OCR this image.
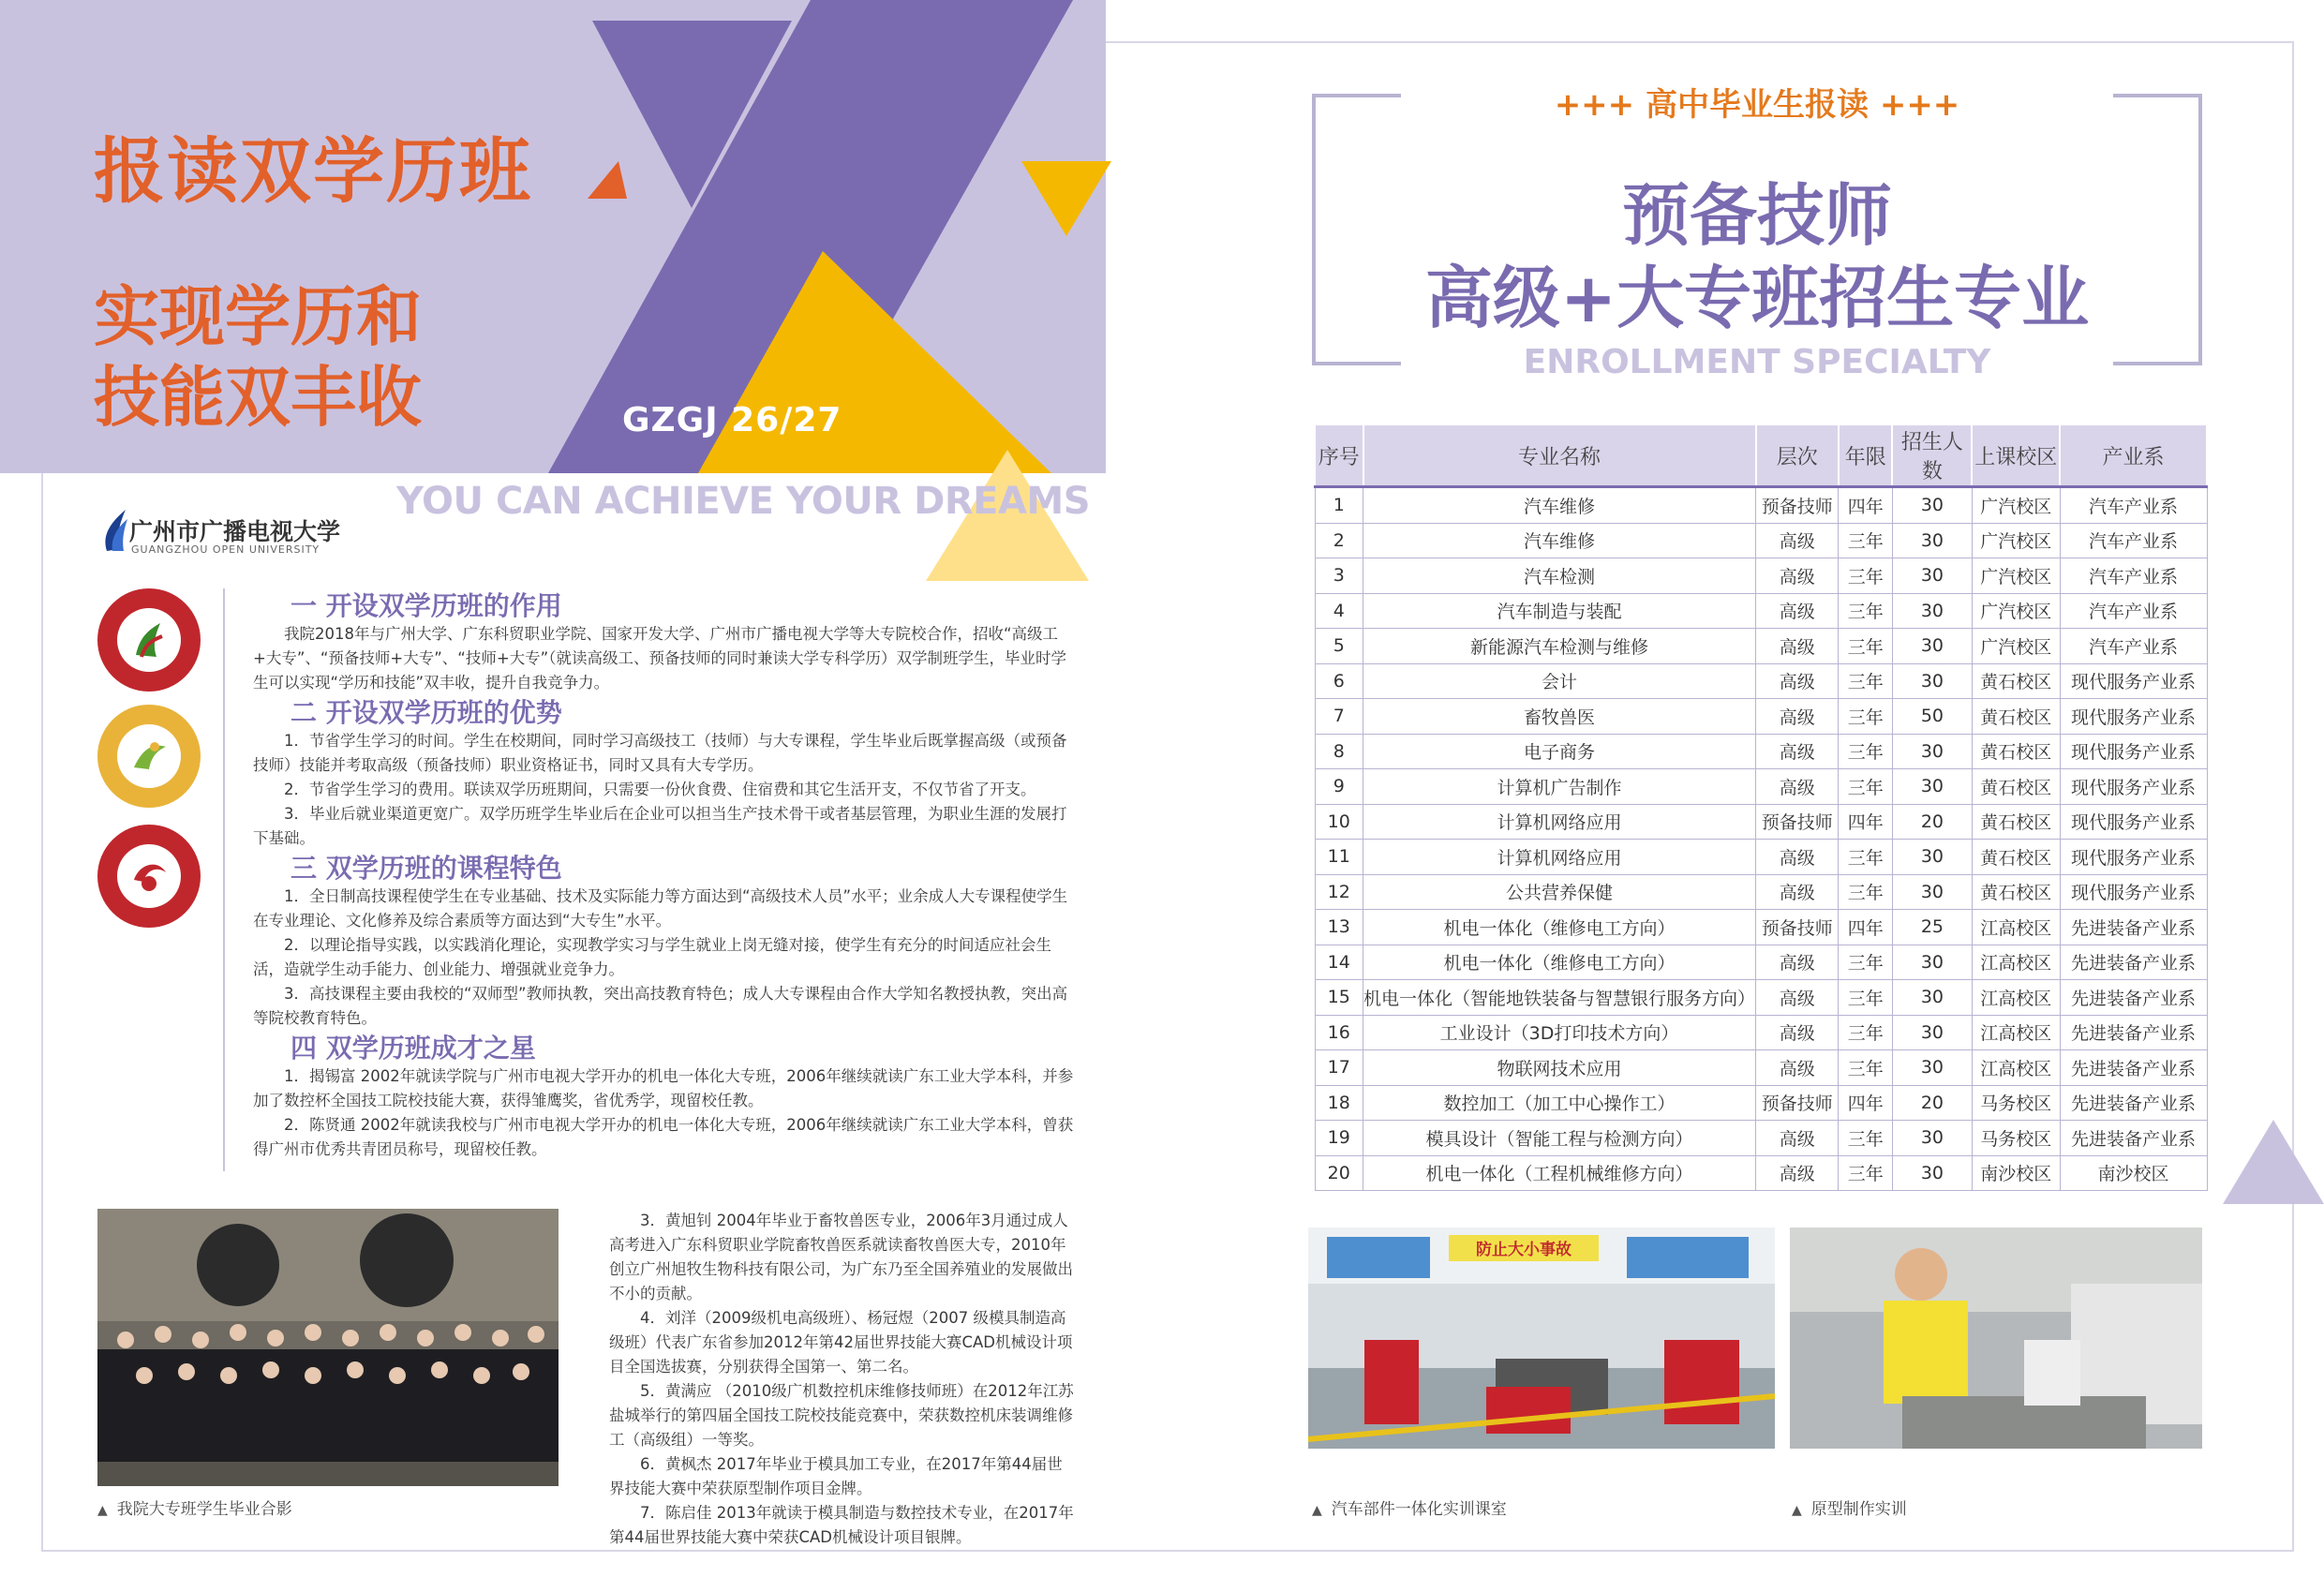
报读双学历班
实现学历和
技能双丰收	GZGJ 26/27
YOU CAN ACHIEVE YOUR DREAMS
广州市广播电视大学
GUANGZHOU OPEN UNIVERSITY
一 开设双学历班的作用

我院2018年与广州大学、广东科贸职业学院、国家开发大学、广州市广播电视大学等大专院校合作，招收“高级工+大专”、“预备技师+大专”、“技师+大专”（就读高级工、预备技师的同时兼读大学专科学历）双学制班学生，毕业时学生可以实现“学历和技能”双丰收，提升自我竞争力。

二 开设双学历班的优势

1．节省学生学习的时间。学生在校期间，同时学习高级技工（技师）与大专课程，学生毕业后既掌握高级（或预备技师）技能并考取高级（预备技师）职业资格证书，同时又具有大专学历。

2．节省学生学习的费用。联读双学历班期间，只需要一份伙食费、住宿费和其它生活开支，不仅节省了开支。

3．毕业后就业渠道更宽广。双学历班学生毕业后在企业可以担当生产技术骨干或者基层管理，为职业生涯的发展打下基础。

三 双学历班的课程特色

1．全日制高技课程使学生在专业基础、技术及实际能力等方面达到“高级技术人员”水平；业余成人大专课程使学生在专业理论、文化修养及综合素质等方面达到“大专生”水平。

2．以理论指导实践，以实践消化理论，实现教学实习与学生就业上岗无缝对接，使学生有充分的时间适应社会生活，造就学生动手能力、创业能力、增强就业竞争力。

3．高技课程主要由我校的“双师型”教师执教，突出高技教育特色；成人大专课程由合作大学知名教授执教，突出高等院校教育特色。

四 双学历班成才之星

1．揭锡富 2002年就读学院与广州市电视大学开办的机电一体化大专班，2006年继续就读广东工业大学本科，并参加了数控杯全国技工院校技能大赛，获得雏鹰奖，省优秀学，现留校任教。

2．陈贤通 2002年就读我校与广州市电视大学开办的机电一体化大专班，2006年继续就读广东工业大学本科，曾获得广州市优秀共青团员称号，现留校任教。

▲ 我院大专班学生毕业合影

3．黄旭钊 2004年毕业于畜牧兽医专业，2006年3月通过成人高考进入广东科贸职业学院畜牧兽医系就读畜牧兽医大专，2010年创立广州旭牧生物科技有限公司，为广东乃至全国养殖业的发展做出不小的贡献。

4．刘洋（2009级机电高级班）、杨冠煜（2007 级模具制造高级班）代表广东省参加2012年第42届世界技能大赛CAD机械设计项目全国选拔赛，分别获得全国第一、第二名。

5．黄满应 （2010级广机数控机床维修技师班）在2012年江苏盐城举行的第四届全国技工院校技能竞赛中，荣获数控机床装调维修工（高级组）一等奖。

6．黄枫杰 2017年毕业于模具加工专业，在2017年第44届世界技能大赛中荣获原型制作项目金牌。

7．陈启佳 2013年就读于模具制造与数控技术专业，在2017年第44届世界技能大赛中荣获CAD机械设计项目银牌。

+++ 高中毕业生报读 +++
预备技师
高级+大专班招生专业
ENROLLMENT SPECIALTY
序号	专业名称	层次	年限	招生人数	上课校区	产业系
1	汽车维修	预备技师	四年	30	广汽校区	汽车产业系
2	汽车维修	高级	三年	30	广汽校区	汽车产业系
3	汽车检测	高级	三年	30	广汽校区	汽车产业系
4	汽车制造与装配	高级	三年	30	广汽校区	汽车产业系
5	新能源汽车检测与维修	高级	三年	30	广汽校区	汽车产业系
6	会计	高级	三年	30	黄石校区	现代服务产业系
7	畜牧兽医	高级	三年	50	黄石校区	现代服务产业系
8	电子商务	高级	三年	30	黄石校区	现代服务产业系
9	计算机广告制作	高级	三年	30	黄石校区	现代服务产业系
10	计算机网络应用	预备技师	四年	20	黄石校区	现代服务产业系
11	计算机网络应用	高级	三年	30	黄石校区	现代服务产业系
12	公共营养保健	高级	三年	30	黄石校区	现代服务产业系
13	机电一体化（维修电工方向）	预备技师	四年	25	江高校区	先进装备产业系
14	机电一体化（维修电工方向）	高级	三年	30	江高校区	先进装备产业系
15	机电一体化（智能地铁装备与智慧银行服务方向）	高级	三年	30	江高校区	先进装备产业系
16	工业设计（3D打印技术方向）	高级	三年	30	江高校区	先进装备产业系
17	物联网技术应用	高级	三年	30	江高校区	先进装备产业系
18	数控加工（加工中心操作工）	预备技师	四年	20	马务校区	先进装备产业系
19	模具设计（智能工程与检测方向）	高级	三年	30	马务校区	先进装备产业系
20	机电一体化（工程机械维修方向）	高级	三年	30	南沙校区	南沙校区
防止大小事故
▲ 汽车部件一体化实训课室	▲ 原型制作实训
